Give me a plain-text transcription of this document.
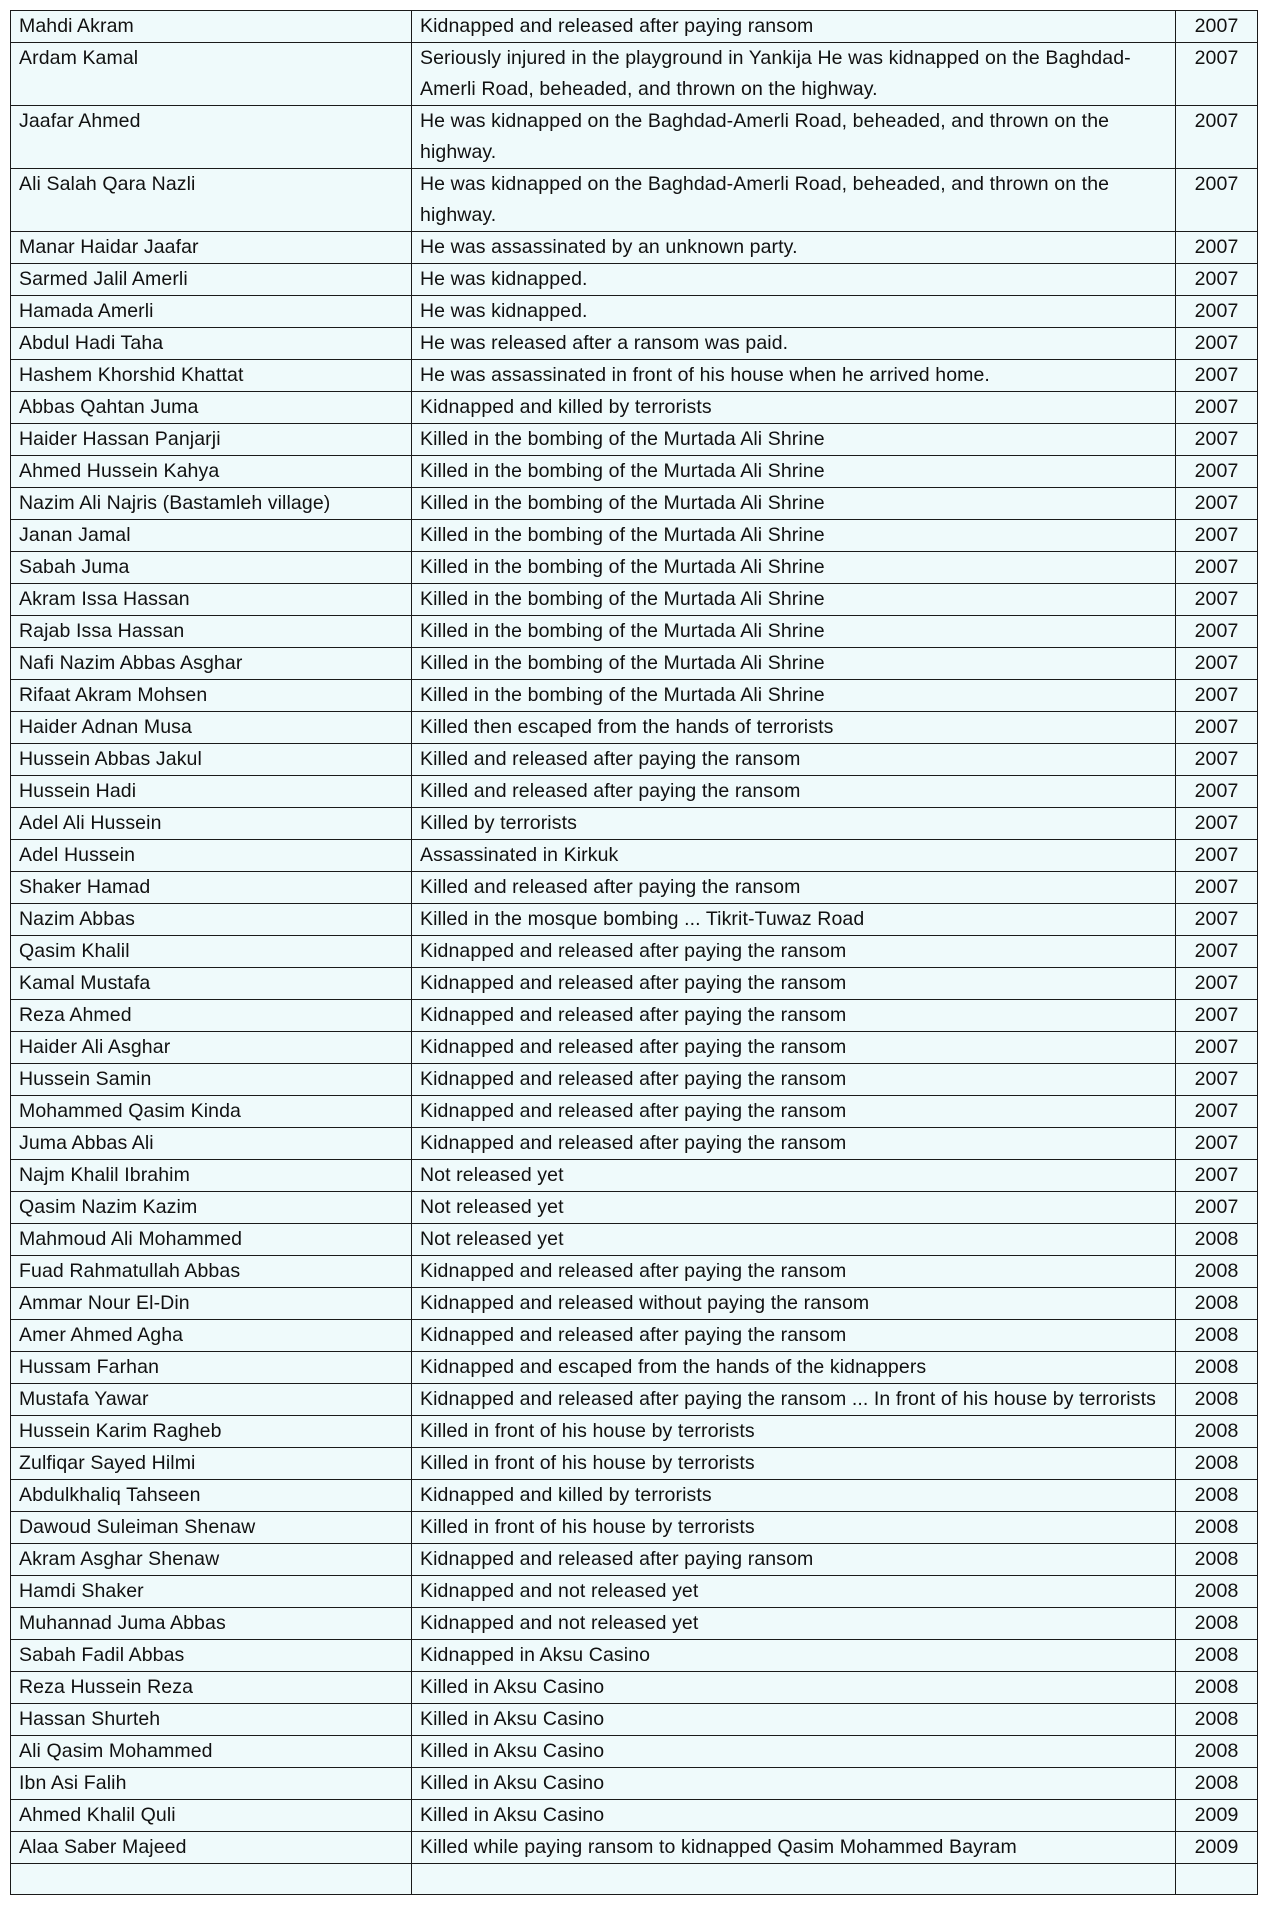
Mahdi Akram	Kidnapped and released after paying ransom	2007
Ardam Kamal	Seriously injured in the playground in Yankija He was kidnapped on the Baghdad-Amerli Road, beheaded, and thrown on the highway.	2007
Jaafar Ahmed	He was kidnapped on the Baghdad-Amerli Road, beheaded, and thrown on the highway.	2007
Ali Salah Qara Nazli	He was kidnapped on the Baghdad-Amerli Road, beheaded, and thrown on the highway.	2007
Manar Haidar Jaafar	He was assassinated by an unknown party.	2007
Sarmed Jalil Amerli	He was kidnapped.	2007
Hamada Amerli	He was kidnapped.	2007
Abdul Hadi Taha	He was released after a ransom was paid.	2007
Hashem Khorshid Khattat	He was assassinated in front of his house when he arrived home.	2007
Abbas Qahtan Juma	Kidnapped and killed by terrorists	2007
Haider Hassan Panjarji	Killed in the bombing of the Murtada Ali Shrine	2007
Ahmed Hussein Kahya	Killed in the bombing of the Murtada Ali Shrine	2007
Nazim Ali Najris (Bastamleh village)	Killed in the bombing of the Murtada Ali Shrine	2007
Janan Jamal	Killed in the bombing of the Murtada Ali Shrine	2007
Sabah Juma	Killed in the bombing of the Murtada Ali Shrine	2007
Akram Issa Hassan	Killed in the bombing of the Murtada Ali Shrine	2007
Rajab Issa Hassan	Killed in the bombing of the Murtada Ali Shrine	2007
Nafi Nazim Abbas Asghar	Killed in the bombing of the Murtada Ali Shrine	2007
Rifaat Akram Mohsen	Killed in the bombing of the Murtada Ali Shrine	2007
Haider Adnan Musa	Killed then escaped from the hands of terrorists	2007
Hussein Abbas Jakul	Killed and released after paying the ransom	2007
Hussein Hadi	Killed and released after paying the ransom	2007
Adel Ali Hussein	Killed by terrorists	2007
Adel Hussein	Assassinated in Kirkuk	2007
Shaker Hamad	Killed and released after paying the ransom	2007
Nazim Abbas	Killed in the mosque bombing ... Tikrit-Tuwaz Road	2007
Qasim Khalil	Kidnapped and released after paying the ransom	2007
Kamal Mustafa	Kidnapped and released after paying the ransom	2007
Reza Ahmed	Kidnapped and released after paying the ransom	2007
Haider Ali Asghar	Kidnapped and released after paying the ransom	2007
Hussein Samin	Kidnapped and released after paying the ransom	2007
Mohammed Qasim Kinda	Kidnapped and released after paying the ransom	2007
Juma Abbas Ali	Kidnapped and released after paying the ransom	2007
Najm Khalil Ibrahim	Not released yet	2007
Qasim Nazim Kazim	Not released yet	2007
Mahmoud Ali Mohammed	Not released yet	2008
Fuad Rahmatullah Abbas	Kidnapped and released after paying the ransom	2008
Ammar Nour El-Din	Kidnapped and released without paying the ransom	2008
Amer Ahmed Agha	Kidnapped and released after paying the ransom	2008
Hussam Farhan	Kidnapped and escaped from the hands of the kidnappers	2008
Mustafa Yawar	Kidnapped and released after paying the ransom ... In front of his house by terrorists	2008
Hussein Karim Ragheb	Killed in front of his house by terrorists	2008
Zulfiqar Sayed Hilmi	Killed in front of his house by terrorists	2008
Abdulkhaliq Tahseen	Kidnapped and killed by terrorists	2008
Dawoud Suleiman Shenaw	Killed in front of his house by terrorists	2008
Akram Asghar Shenaw	Kidnapped and released after paying ransom	2008
Hamdi Shaker	Kidnapped and not released yet	2008
Muhannad Juma Abbas	Kidnapped and not released yet	2008
Sabah Fadil Abbas	Kidnapped in Aksu Casino	2008
Reza Hussein Reza	Killed in Aksu Casino	2008
Hassan Shurteh	Killed in Aksu Casino	2008
Ali Qasim Mohammed	Killed in Aksu Casino	2008
Ibn Asi Falih	Killed in Aksu Casino	2008
Ahmed Khalil Quli	Killed in Aksu Casino	2009
Alaa Saber Majeed	Killed while paying ransom to kidnapped Qasim Mohammed Bayram	2009
